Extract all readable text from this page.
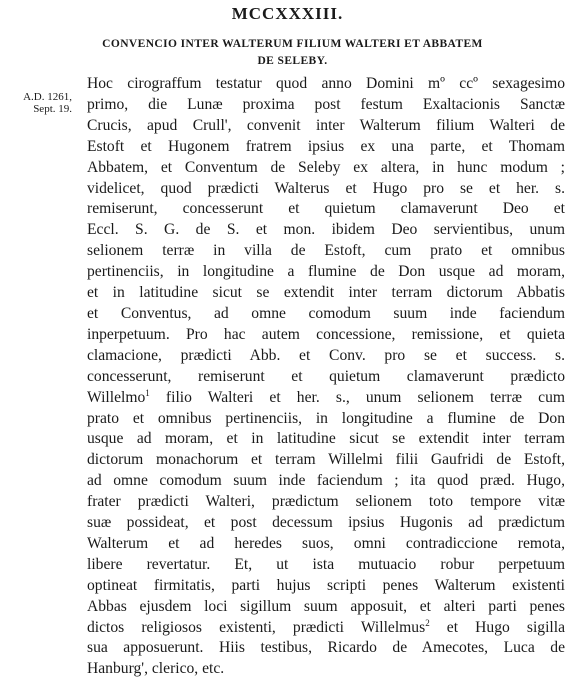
MCCXXXIII.
CONVENCIO INTER WALTERUM FILIUM WALTERI ET ABBATEM
DE SELEBY.
A.D. 1261,
Sept. 19.
Hoc cirograffum testatur quod anno Domini mº ccº sexagesimo
primo, die Lunæ proxima post festum Exaltacionis Sanctæ
Crucis, apud Crull', convenit inter Walterum filium Walteri de
Estoft et Hugonem fratrem ipsius ex una parte, et Thomam
Abbatem, et Conventum de Seleby ex altera, in hunc modum ;
videlicet, quod prædicti Walterus et Hugo pro se et her. s.
remiserunt, concesserunt et quietum clamaverunt Deo et
Eccl. S. G. de S. et mon. ibidem Deo servientibus, unum
selionem terræ in villa de Estoft, cum prato et omnibus
pertinenciis, in longitudine a flumine de Don usque ad moram,
et in latitudine sicut se extendit inter terram dictorum Abbatis
et Conventus, ad omne comodum suum inde faciendum
inperpetuum. Pro hac autem concessione, remissione, et quieta
clamacione, prædicti Abb. et Conv. pro se et success. s.
concesserunt, remiserunt et quietum clamaverunt prædicto
Willelmo$^1$ filio Walteri et her. s., unum selionem terræ cum
prato et omnibus pertinenciis, in longitudine a flumine de Don
usque ad moram, et in latitudine sicut se extendit inter terram
dictorum monachorum et terram Willelmi filii Gaufridi de Estoft,
ad omne comodum suum inde faciendum ; ita quod præd. Hugo,
frater prædicti Walteri, prædictum selionem toto tempore vitæ
suæ possideat, et post decessum ipsius Hugonis ad prædictum
Walterum et ad heredes suos, omni contradiccione remota,
libere revertatur. Et, ut ista mutuacio robur perpetuum
optineat firmitatis, parti hujus scripti penes Walterum existenti
Abbas ejusdem loci sigillum suum apposuit, et alteri parti penes
dictos religiosos existenti, prædicti Willelmus$^2$ et Hugo sigilla
sua apposuerunt. Hiis testibus, Ricardo de Amecotes, Luca de
Hanburg', clerico, etc.
